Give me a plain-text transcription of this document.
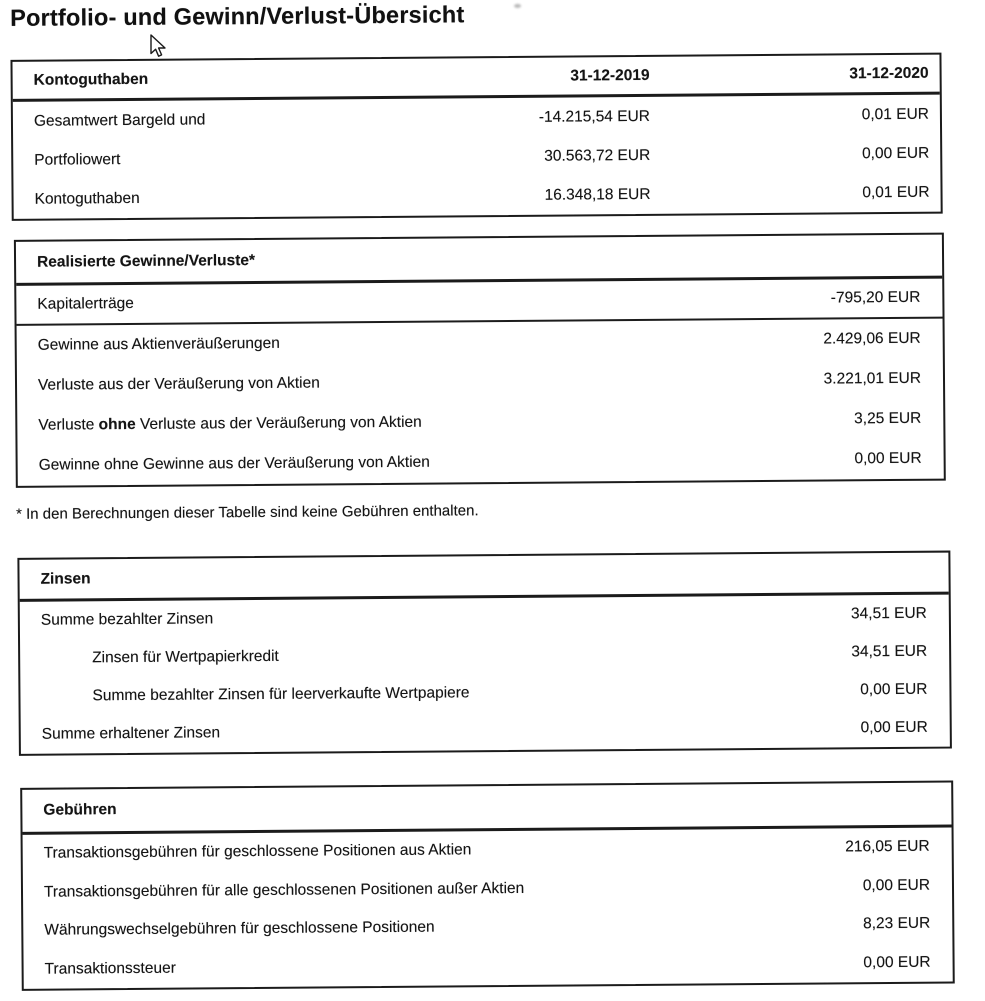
Portfolio- und Gewinn/Verlust-Übersicht
Kontoguthaben	31-12-2019	31-12-2020
Gesamtwert Bargeld und	-14.215,54 EUR	0,01 EUR
Portfoliowert	30.563,72 EUR	0,00 EUR
Kontoguthaben	16.348,18 EUR	0,01 EUR
Realisierte Gewinne/Verluste*
Kapitalerträge	-795,20 EUR
Gewinne aus Aktienveräußerungen	2.429,06 EUR
Verluste aus der Veräußerung von Aktien	3.221,01 EUR
Verluste ohne Verluste aus der Veräußerung von Aktien	3,25 EUR
Gewinne ohne Gewinne aus der Veräußerung von Aktien	0,00 EUR
* In den Berechnungen dieser Tabelle sind keine Gebühren enthalten.
Zinsen
Summe bezahlter Zinsen	34,51 EUR
Zinsen für Wertpapierkredit	34,51 EUR
Summe bezahlter Zinsen für leerverkaufte Wertpapiere	0,00 EUR
Summe erhaltener Zinsen	0,00 EUR
Gebühren
Transaktionsgebühren für geschlossene Positionen aus Aktien	216,05 EUR
Transaktionsgebühren für alle geschlossenen Positionen außer Aktien	0,00 EUR
Währungswechselgebühren für geschlossene Positionen	8,23 EUR
Transaktionssteuer	0,00 EUR
